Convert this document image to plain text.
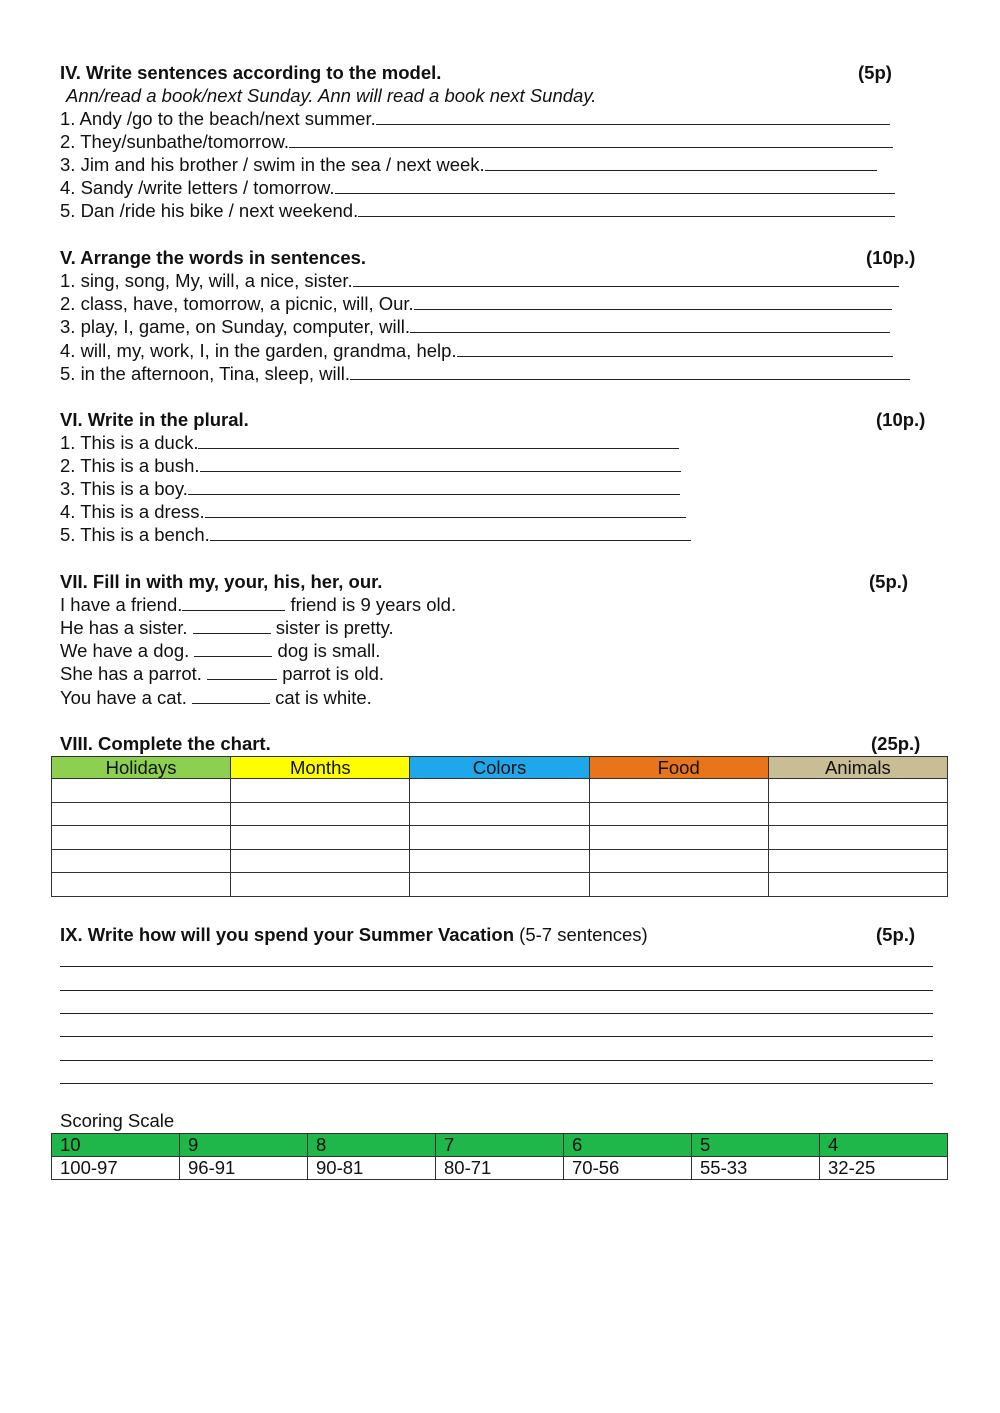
IV. Write sentences according to the model.	(5p)
Ann/read a book/next Sunday. Ann will read a book next Sunday.
1. Andy /go to the beach/next summer.
2. They/sunbathe/tomorrow.
3. Jim and his brother / swim in the sea / next week.
4. Sandy /write letters / tomorrow.
5. Dan /ride his bike / next weekend.
V. Arrange the words in sentences.	(10p.)
1. sing, song, My, will, a nice, sister.
2. class, have, tomorrow, a picnic, will, Our.
3. play, I, game, on Sunday, computer, will.
4. will, my, work, I, in the garden, grandma, help.
5. in the afternoon, Tina, sleep, will.
VI. Write in the plural.	(10p.)
1. This is a duck.
2. This is a bush.
3. This is a boy.
4. This is a dress.
5. This is a bench.
VII. Fill in with my, your, his, her, our.	(5p.)
I have a friend.	friend is 9 years old.
He has a sister.	sister is pretty.
We have a dog.	dog is small.
She has a parrot.	parrot is old.
You have a cat.	cat is white.
VIII. Complete the chart.	(25p.)
Holidays	Months	Colors	Food	Animals

IX. Write how will you spend your Summer Vacation (5-7 sentences)	(5p.)
Scoring Scale
10	9	8	7	6	5	4
100-97	96-91	90-81	80-71	70-56	55-33	32-25
